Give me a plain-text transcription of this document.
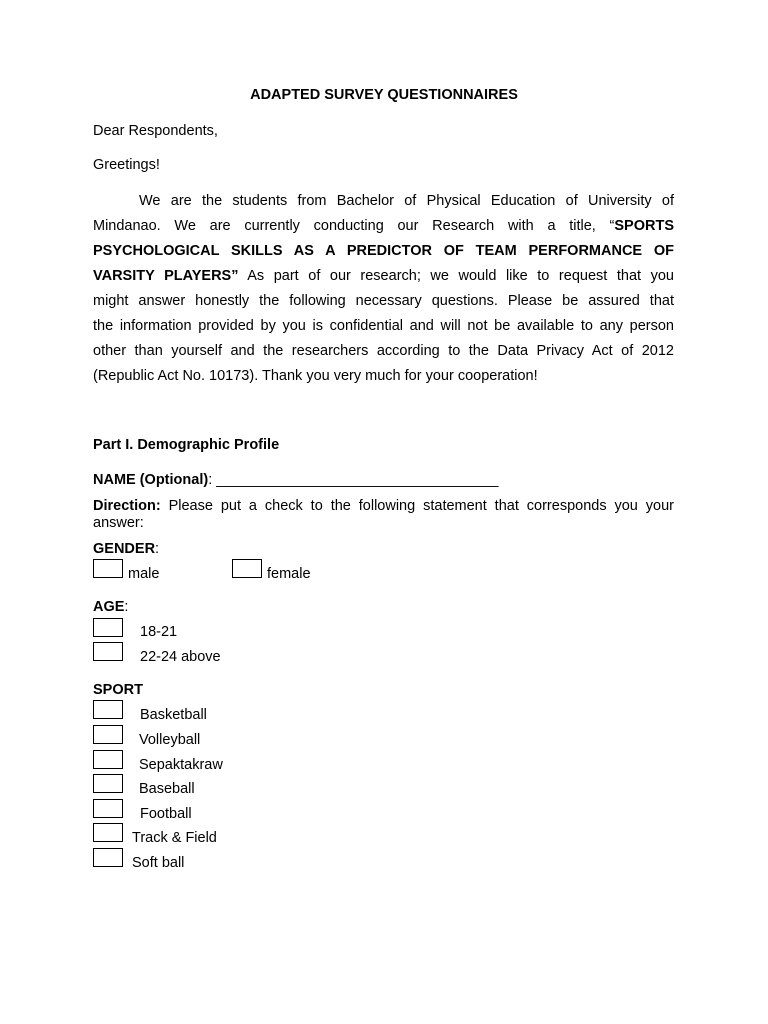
ADAPTED SURVEY QUESTIONNAIRES
Dear Respondents,
Greetings!
We are the students from Bachelor of Physical Education of University of
Mindanao. We are currently conducting our Research with a title, “SPORTS
PSYCHOLOGICAL SKILLS AS A PREDICTOR OF TEAM PERFORMANCE OF
VARSITY PLAYERS” As part of our research; we would like to request that you
might answer honestly the following necessary questions. Please be assured that
the information provided by you is confidential and will not be available to any person
other than yourself and the researchers according to the Data Privacy Act of 2012
(Republic Act No. 10173). Thank you very much for your cooperation!
Part I. Demographic Profile
NAME (Optional): ___________________________________
Direction: Please put a check to the following statement that corresponds you your
answer:
GENDER:
male	female
AGE:
18-21
22-24 above
SPORT
Basketball
Volleyball
Sepaktakraw
Baseball
Football
Track & Field
Soft ball
